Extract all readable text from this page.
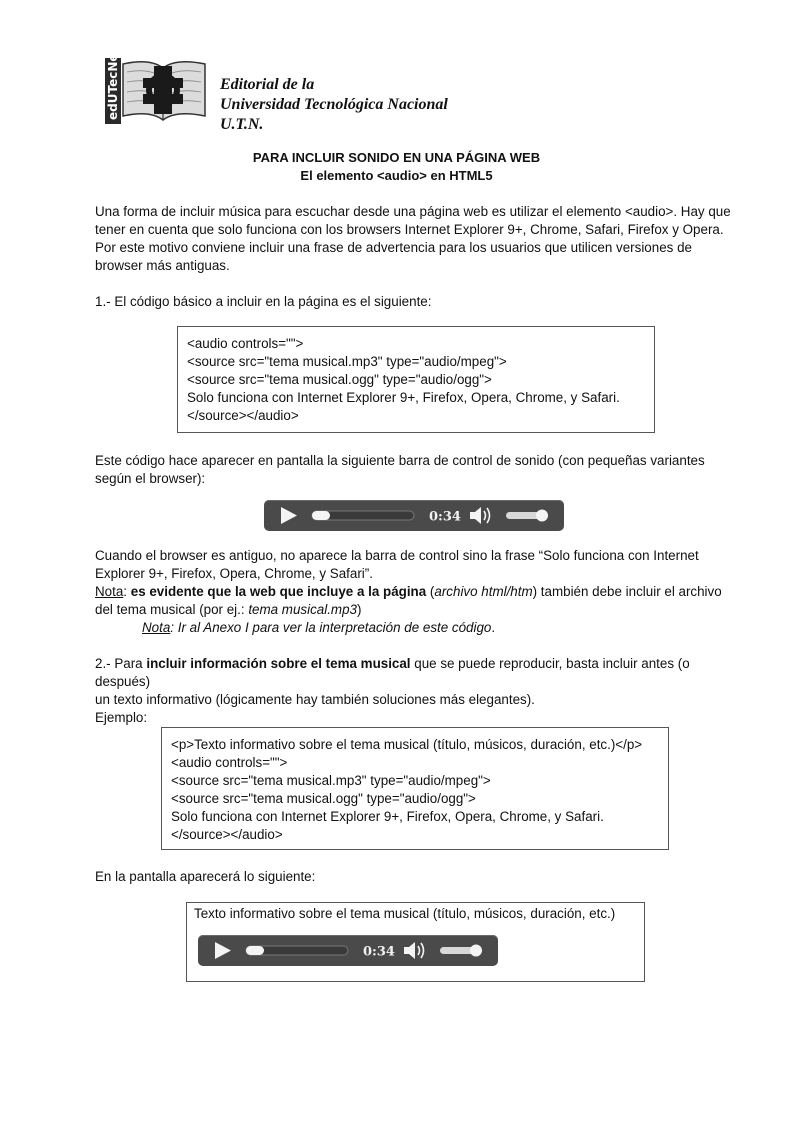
edUTecNe	Editorial de la
Universidad Tecnológica Nacional
U.T.N.
PARA INCLUIR SONIDO EN UNA PÁGINA WEB
El elemento <audio> en HTML5
Una forma de incluir música para escuchar desde una página web es utilizar el elemento <audio>. Hay que
tener en cuenta que solo funciona con los browsers Internet Explorer 9+, Chrome, Safari, Firefox y Opera.
Por este motivo conviene incluir una frase de advertencia para los usuarios que utilicen versiones de
browser más antiguas.
1.- El código básico a incluir en la página es el siguiente:
<audio controls="">
<source src="tema musical.mp3" type="audio/mpeg">
<source src="tema musical.ogg" type="audio/ogg">
Solo funciona con Internet Explorer 9+, Firefox, Opera, Chrome, y Safari.
</source></audio>
Este código hace aparecer en pantalla la siguiente barra de control de sonido (con pequeñas variantes
según el browser):
0:34
Cuando el browser es antiguo, no aparece la barra de control sino la frase “Solo funciona con Internet
Explorer 9+, Firefox, Opera, Chrome, y Safari”.
Nota: es evidente que la web que incluye a la página (archivo html/htm) también debe incluir el archivo
del tema musical (por ej.: tema musical.mp3)
Nota: Ir al Anexo I para ver la interpretación de este código.
2.- Para incluir información sobre el tema musical que se puede reproducir, basta incluir antes (o después)
un texto informativo (lógicamente hay también soluciones más elegantes).
Ejemplo:
<p>Texto informativo sobre el tema musical (título, músicos, duración, etc.)</p>
<audio controls="">
<source src="tema musical.mp3" type="audio/mpeg">
<source src="tema musical.ogg" type="audio/ogg">
Solo funciona con Internet Explorer 9+, Firefox, Opera, Chrome, y Safari.
</source></audio>
En la pantalla aparecerá lo siguiente:
Texto informativo sobre el tema musical (título, músicos, duración, etc.)
0:34
